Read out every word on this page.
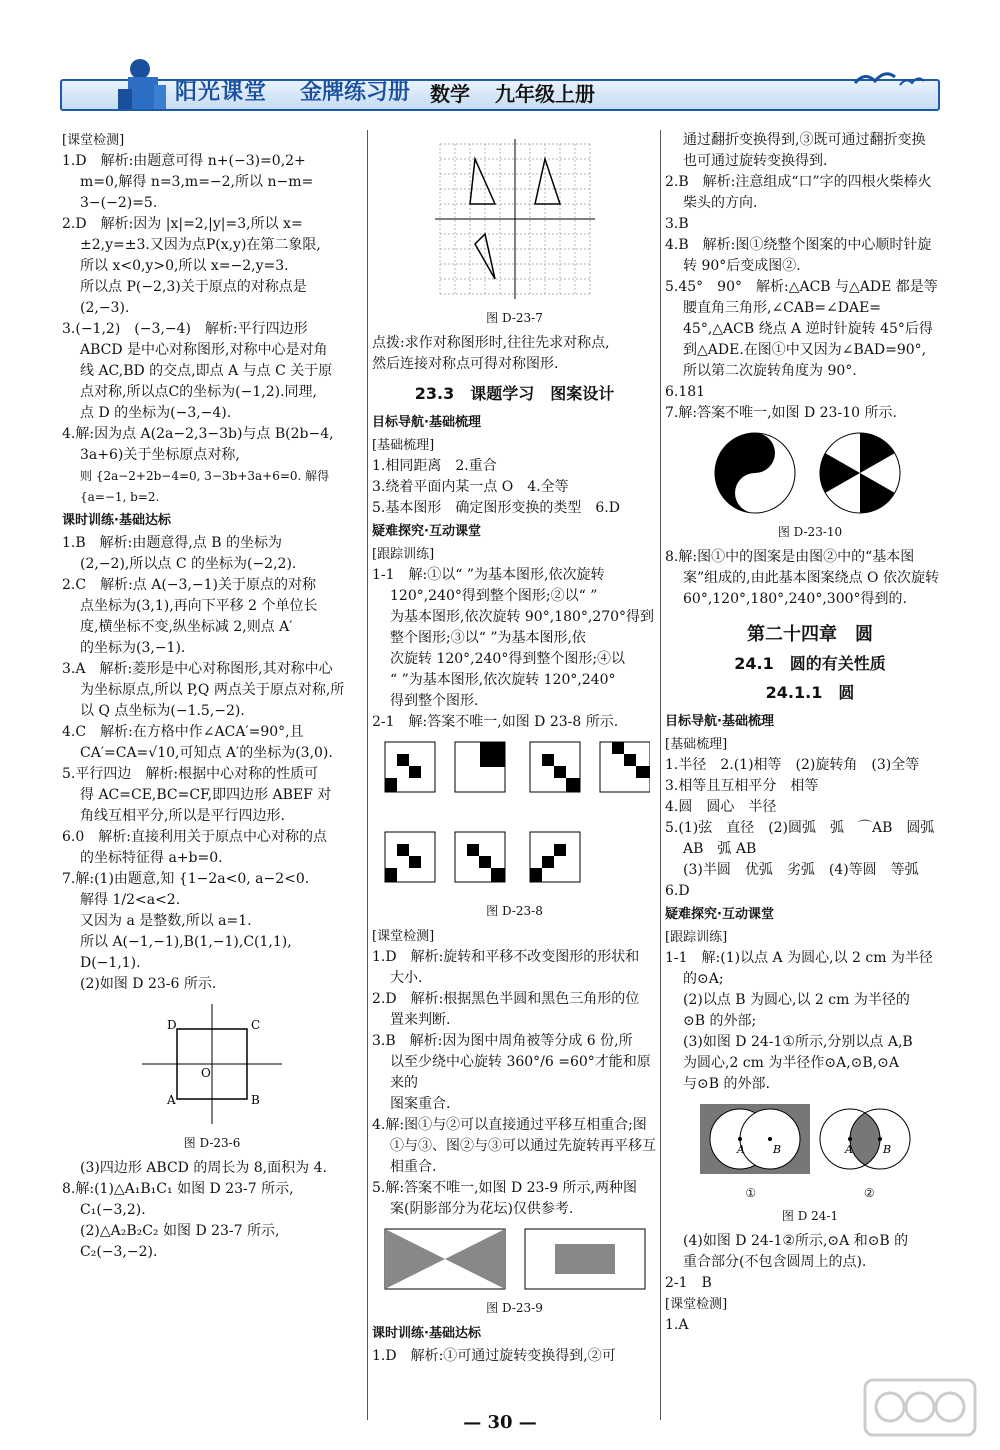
阳光课堂 金牌练习册 数学 九年级上册

[课堂检测]

1.D　解析:由题意可得 n+(−3)=0,2+

m=0,解得 n=3,m=−2,所以 n−m=

3−(−2)=5.

2.D　解析:因为 |x|=2,|y|=3,所以 x=

±2,y=±3.又因为点P(x,y)在第二象限,

所以 x<0,y>0,所以 x=−2,y=3.

所以点 P(−2,3)关于原点的对称点是

(2,−3).

3.(−1,2)　(−3,−4)　解析:平行四边形

ABCD 是中心对称图形,对称中心是对角

线 AC,BD 的交点,即点 A 与点 C 关于原

点对称,所以点C的坐标为(−1,2).同理,

点 D 的坐标为(−3,−4).

4.解:因为点 A(2a−2,3−3b)与点 B(2b−4,

3a+6)关于坐标原点对称,

则 {2a−2+2b−4=0, 3−3b+3a+6=0. 解得 {a=−1, b=2.

课时训练·基础达标

1.B　解析:由题意得,点 B 的坐标为

(2,−2),所以点 C 的坐标为(−2,2).

2.C　解析:点 A(−3,−1)关于原点的对称

点坐标为(3,1),再向下平移 2 个单位长

度,横坐标不变,纵坐标减 2,则点 A′

的坐标为(3,−1).

3.A　解析:菱形是中心对称图形,其对称中心

为坐标原点,所以 P,Q 两点关于原点对称,所

以 Q 点坐标为(−1.5,−2).

4.C　解析:在方格中作∠ACA′=90°,且

CA′=CA=√10,可知点 A′的坐标为(3,0).

5.平行四边　解析:根据中心对称的性质可

得 AC=CE,BC=CF,即四边形 ABEF 对

角线互相平分,所以是平行四边形.

6.0　解析:直接利用关于原点中心对称的点

的坐标特征得 a+b=0.

7.解:(1)由题意,知 {1−2a<0, a−2<0.

解得 1/2<a<2.

又因为 a 是整数,所以 a=1.

所以 A(−1,−1),B(1,−1),C(1,1),

D(−1,1).

(2)如图 D 23-6 所示.

D	C
A	B
O

图 D-23-6

(3)四边形 ABCD 的周长为 8,面积为 4.

8.解:(1)△A₁B₁C₁ 如图 D 23-7 所示,

C₁(−3,2).

(2)△A₂B₂C₂ 如图 D 23-7 所示,

C₂(−3,−2).

图 D-23-7

点拨:求作对称图形时,往往先求对称点,

然后连接对称点可得对称图形.

23.3　课题学习　图案设计

目标导航·基础梳理

[基础梳理]

1.相同距离　2.重合

3.绕着平面内某一点 O　4.全等

5.基本图形　确定图形变换的类型　6.D

疑难探究·互动课堂

[跟踪训练]

1-1　解:①以“ ”为基本图形,依次旋转

120°,240°得到整个图形;②以“ ”

为基本图形,依次旋转 90°,180°,270°得到

整个图形;③以“ ”为基本图形,依

次旋转 120°,240°得到整个图形;④以

“ ”为基本图形,依次旋转 120°,240°

得到整个图形.

2-1　解:答案不唯一,如图 D 23-8 所示.

图 D-23-8

[课堂检测]

1.D　解析:旋转和平移不改变图形的形状和

大小.

2.D　解析:根据黑色半圆和黑色三角形的位

置来判断.

3.B　解析:因为图中周角被等分成 6 份,所

以至少绕中心旋转 360°/6 =60°才能和原来的

图案重合.

4.解:图①与②可以直接通过平移互相重合;图

①与③、图②与③可以通过先旋转再平移互

相重合.

5.解:答案不唯一,如图 D 23-9 所示,两种图

案(阴影部分为花坛)仅供参考.

图 D-23-9

课时训练·基础达标

1.D　解析:①可通过旋转变换得到,②可

通过翻折变换得到,③既可通过翻折变换

也可通过旋转变换得到.

2.B　解析:注意组成“口”字的四根火柴棒火

柴头的方向.

3.B

4.B　解析:图①绕整个图案的中心顺时针旋

转 90°后变成图②.

5.45°　90°　解析:△ACB 与△ADE 都是等

腰直角三角形,∠CAB=∠DAE=

45°,△ACB 绕点 A 逆时针旋转 45°后得

到△ADE.在图①中又因为∠BAD=90°,

所以第二次旋转角度为 90°.

6.181

7.解:答案不唯一,如图 D 23-10 所示.

图 D-23-10

8.解:图①中的图案是由图②中的“基本图

案”组成的,由此基本图案绕点 O 依次旋转

60°,120°,180°,240°,300°得到的.

第二十四章　圆

24.1　圆的有关性质

24.1.1　圆

目标导航·基础梳理

[基础梳理]

1.半径　2.(1)相等　(2)旋转角　(3)全等

3.相等且互相平分　相等

4.圆　圆心　半径

5.(1)弦　直径　(2)圆弧　弧　⌒AB　圆弧

AB　弧 AB

(3)半圆　优弧　劣弧　(4)等圆　等弧

6.D

疑难探究·互动课堂

[跟踪训练]

1-1　解:(1)以点 A 为圆心,以 2 cm 为半径

的⊙A;

(2)以点 B 为圆心,以 2 cm 为半径的

⊙B 的外部;

(3)如图 D 24-1①所示,分别以点 A,B

为圆心,2 cm 为半径作⊙A,⊙B,⊙A

与⊙B 的外部.

A	B	A	B

①	②

图 D 24-1

(4)如图 D 24-1②所示,⊙A 和⊙B 的

重合部分(不包含圆周上的点).

2-1　B

[课堂检测]

1.A

— 30 —
